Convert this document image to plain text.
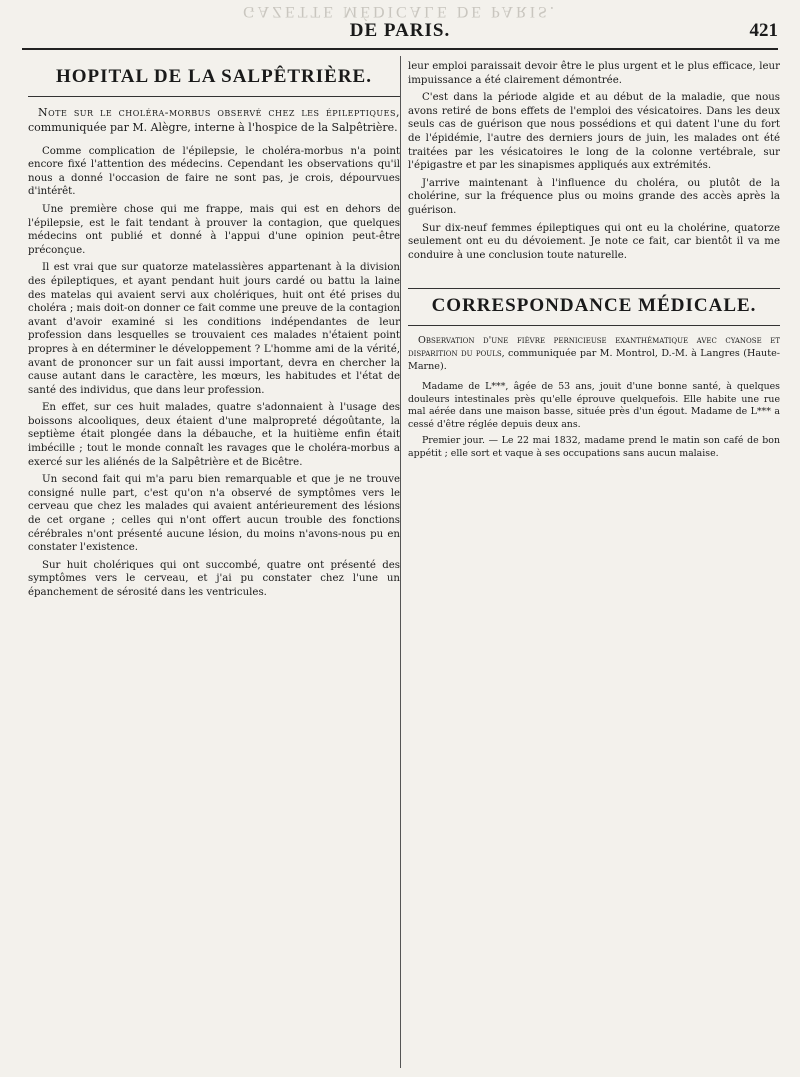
GAZETTE MÉDICALE DE PARIS.
DE PARIS.	421
HOPITAL DE LA SALPÊTRIÈRE.
Note sur le choléra-morbus observé chez les épileptiques, communiquée par M. Alègre, interne à l'hospice de la Salpêtrière.

Comme complication de l'épilepsie, le choléra-morbus n'a point encore fixé l'attention des médecins. Cependant les observations qu'il nous a donné l'occasion de faire ne sont pas, je crois, dépourvues d'intérêt.

Une première chose qui me frappe, mais qui est en dehors de l'épilepsie, est le fait tendant à prouver la contagion, que quelques médecins ont publié et donné à l'appui d'une opinion peut-être préconçue.

Il est vrai que sur quatorze matelassières appartenant à la division des épileptiques, et ayant pendant huit jours cardé ou battu la laine des matelas qui avaient servi aux cholériques, huit ont été prises du choléra ; mais doit-on donner ce fait comme une preuve de la contagion avant d'avoir examiné si les conditions indépendantes de leur profession dans lesquelles se trouvaient ces malades n'étaient point propres à en déterminer le développement ? L'homme ami de la vérité, avant de prononcer sur un fait aussi important, devra en chercher la cause autant dans le caractère, les mœurs, les habitudes et l'état de santé des individus, que dans leur profession.

En effet, sur ces huit malades, quatre s'adonnaient à l'usage des boissons alcooliques, deux étaient d'une malpropreté dégoûtante, la septième était plongée dans la débauche, et la huitième enfin était imbécille ; tout le monde connaît les ravages que le choléra-morbus a exercé sur les aliénés de la Salpêtrière et de Bicêtre.

Un second fait qui m'a paru bien remarquable et que je ne trouve consigné nulle part, c'est qu'on n'a observé de symptômes vers le cerveau que chez les malades qui avaient antérieurement des lésions de cet organe ; celles qui n'ont offert aucun trouble des fonctions cérébrales n'ont présenté aucune lésion, du moins n'avons-nous pu en constater l'existence.

Sur huit cholériques qui ont succombé, quatre ont présenté des symptômes vers le cerveau, et j'ai pu constater chez l'une un épanchement de sérosité dans les ventricules.

leur emploi paraissait devoir être le plus urgent et le plus efficace, leur impuissance a été clairement démontrée.

C'est dans la période algide et au début de la maladie, que nous avons retiré de bons effets de l'emploi des vésicatoires. Dans les deux seuls cas de guérison que nous possédions et qui datent l'une du fort de l'épidémie, l'autre des derniers jours de juin, les malades ont été traitées par les vésicatoires le long de la colonne vertébrale, sur l'épigastre et par les sinapismes appliqués aux extrémités.

J'arrive maintenant à l'influence du choléra, ou plutôt de la cholérine, sur la fréquence plus ou moins grande des accès après la guérison.

Sur dix-neuf femmes épileptiques qui ont eu la cholérine, quatorze seulement ont eu du dévoiement. Je note ce fait, car bientôt il va me conduire à une conclusion toute naturelle.

CORRESPONDANCE MÉDICALE.
Observation d'une fièvre pernicieuse exanthématique avec cyanose et disparition du pouls, communiquée par M. Montrol, D.-M. à Langres (Haute-Marne).

Madame de L***, âgée de 53 ans, jouit d'une bonne santé, à quelques douleurs intestinales près qu'elle éprouve quelquefois. Elle habite une rue mal aérée dans une maison basse, située près d'un égout. Madame de L*** a cessé d'être réglée depuis deux ans.

Premier jour. — Le 22 mai 1832, madame prend le matin son café de bon appétit ; elle sort et vaque à ses occupations sans aucun malaise.
